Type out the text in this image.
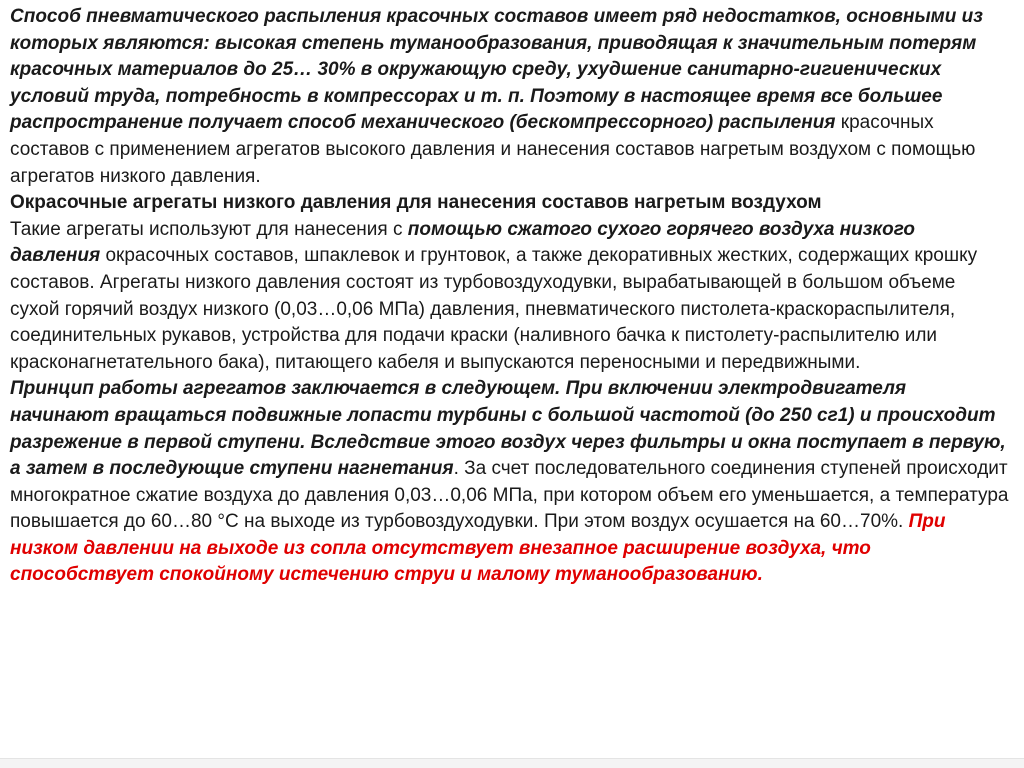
Способ пневматического распыления красочных составов имеет ряд недостатков, основными из которых являются: высокая степень туманообразования, приводящая к значительным потерям красочных материалов до 25… 30% в окружающую среду, ухудшение санитарно-гигиенических условий труда, потребность в компрессорах и т. п. Поэтому в настоящее время все большее распространение получает способ механического (бескомпрессорного) распыления красочных составов с применением агрегатов высокого давления и нанесения составов нагретым воздухом с помощью агрегатов низкого давления.

Окрасочные агрегаты низкого давления для нанесения составов нагретым воздухом

Такие агрегаты используют для нанесения с помощью сжатого сухого горячего воздуха низкого давления окрасочных составов, шпаклевок и грунтовок, а также декоративных жестких, содержащих крошку составов. Агрегаты низкого давления состоят из турбовоздуходувки, вырабатывающей в большом объеме сухой горячий воздух низкого (0,03…0,06 МПа) давления, пневматического пистолета-краскораспылителя, соединительных рукавов, устройства для подачи краски (наливного бачка к пистолету-распылителю или красконагнетательного бака), питающего кабеля и выпускаются переносными и передвижными.

Принцип работы агрегатов заключается в следующем. При включении электродвигателя начинают вращаться подвижные лопасти турбины с большой частотой (до 250 сг1) и происходит разрежение в первой ступени. Вследствие этого воздух через фильтры и окна поступает в первую, а затем в последующие ступени нагнетания. За счет последовательного соединения ступеней происходит многократное сжатие воздуха до давления 0,03…0,06 МПа, при котором объем его уменьшается, а температура повышается до 60…80 °С на выходе из турбовоздуходувки. При этом воздух осушается на 60…70%. При низком давлении на выходе из сопла отсутствует внезапное расширение воздуха, что способствует спокойному истечению струи и малому туманообразованию.
